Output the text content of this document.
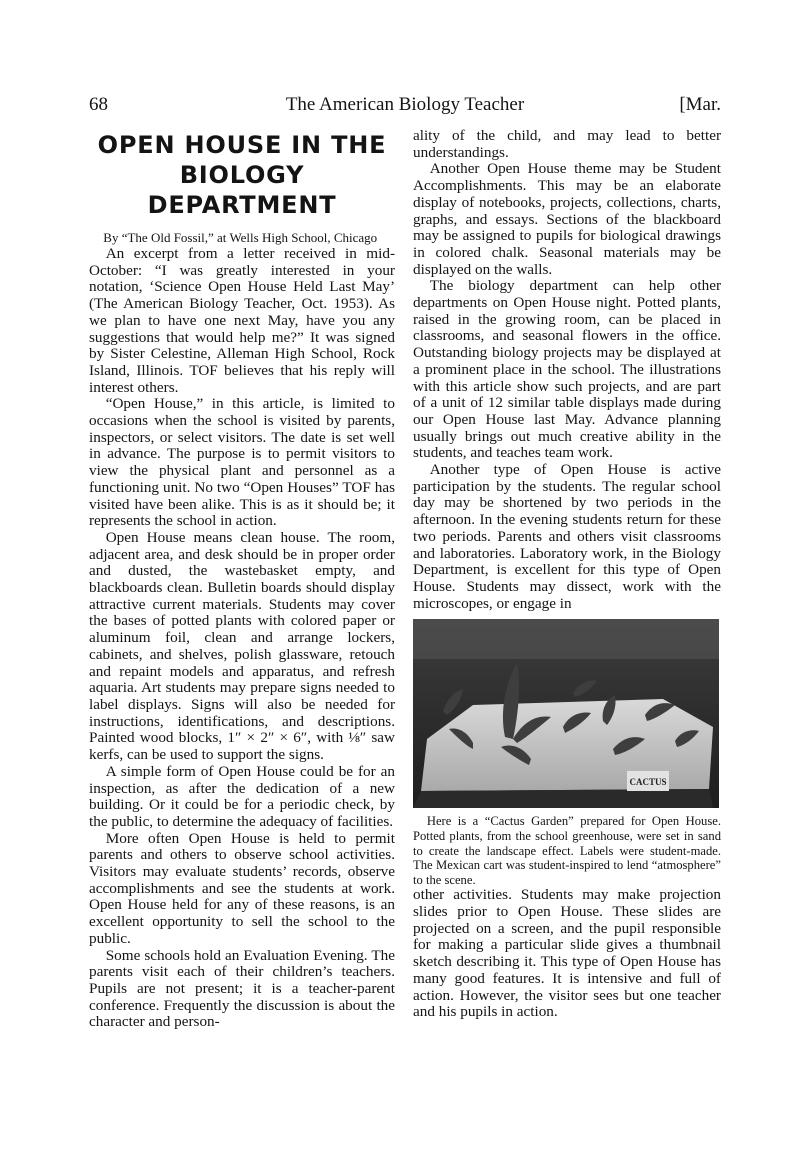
68	The American Biology Teacher	[Mar.
OPEN HOUSE IN THE
BIOLOGY DEPARTMENT

By “The Old Fossil,” at Wells High School, Chicago

An excerpt from a letter received in mid-October: “I was greatly interested in your notation, ‘Science Open House Held Last May’ (The American Biology Teacher, Oct. 1953). As we plan to have one next May, have you any suggestions that would help me?” It was signed by Sister Celestine, Alleman High School, Rock Island, Illinois. TOF believes that his reply will interest others.

“Open House,” in this article, is limited to occasions when the school is visited by parents, inspectors, or select visitors. The date is set well in advance. The purpose is to permit visitors to view the physical plant and personnel as a functioning unit. No two “Open Houses” TOF has visited have been alike. This is as it should be; it represents the school in action.

Open House means clean house. The room, adjacent area, and desk should be in proper order and dusted, the wastebasket empty, and blackboards clean. Bulletin boards should display attractive current materials. Students may cover the bases of potted plants with colored paper or aluminum foil, clean and arrange lockers, cabinets, and shelves, polish glassware, retouch and repaint models and apparatus, and refresh aquaria. Art students may prepare signs needed to label displays. Signs will also be needed for instructions, identifications, and descriptions. Painted wood blocks, 1″ × 2″ × 6″, with ⅛″ saw kerfs, can be used to support the signs.

A simple form of Open House could be for an inspection, as after the dedication of a new building. Or it could be for a periodic check, by the public, to determine the adequacy of facilities.

More often Open House is held to permit parents and others to observe school activities. Visitors may evaluate students’ records, observe accomplishments and see the students at work. Open House held for any of these reasons, is an excellent opportunity to sell the school to the public.

Some schools hold an Evaluation Evening. The parents visit each of their children’s teachers. Pupils are not present; it is a teacher-parent conference. Frequently the discussion is about the character and person-

ality of the child, and may lead to better understandings.

Another Open House theme may be Student Accomplishments. This may be an elaborate display of notebooks, projects, collections, charts, graphs, and essays. Sections of the blackboard may be assigned to pupils for biological drawings in colored chalk. Seasonal materials may be displayed on the walls.

The biology department can help other departments on Open House night. Potted plants, raised in the growing room, can be placed in classrooms, and seasonal flowers in the office. Outstanding biology projects may be displayed at a prominent place in the school. The illustrations with this article show such projects, and are part of a unit of 12 similar table displays made during our Open House last May. Advance planning usually brings out much creative ability in the students, and teaches team work.

Another type of Open House is active participation by the students. The regular school day may be shortened by two periods in the afternoon. In the evening students return for these two periods. Parents and others visit classrooms and laboratories. Laboratory work, in the Biology Department, is excellent for this type of Open House. Students may dissect, work with the microscopes, or engage in

CACTUS

Here is a “Cactus Garden” prepared for Open House. Potted plants, from the school greenhouse, were set in sand to create the landscape effect. Labels were student-made. The Mexican cart was student-inspired to lend “atmosphere” to the scene.

other activities. Students may make projection slides prior to Open House. These slides are projected on a screen, and the pupil responsible for making a particular slide gives a thumbnail sketch describing it. This type of Open House has many good features. It is intensive and full of action. However, the visitor sees but one teacher and his pupils in action.
